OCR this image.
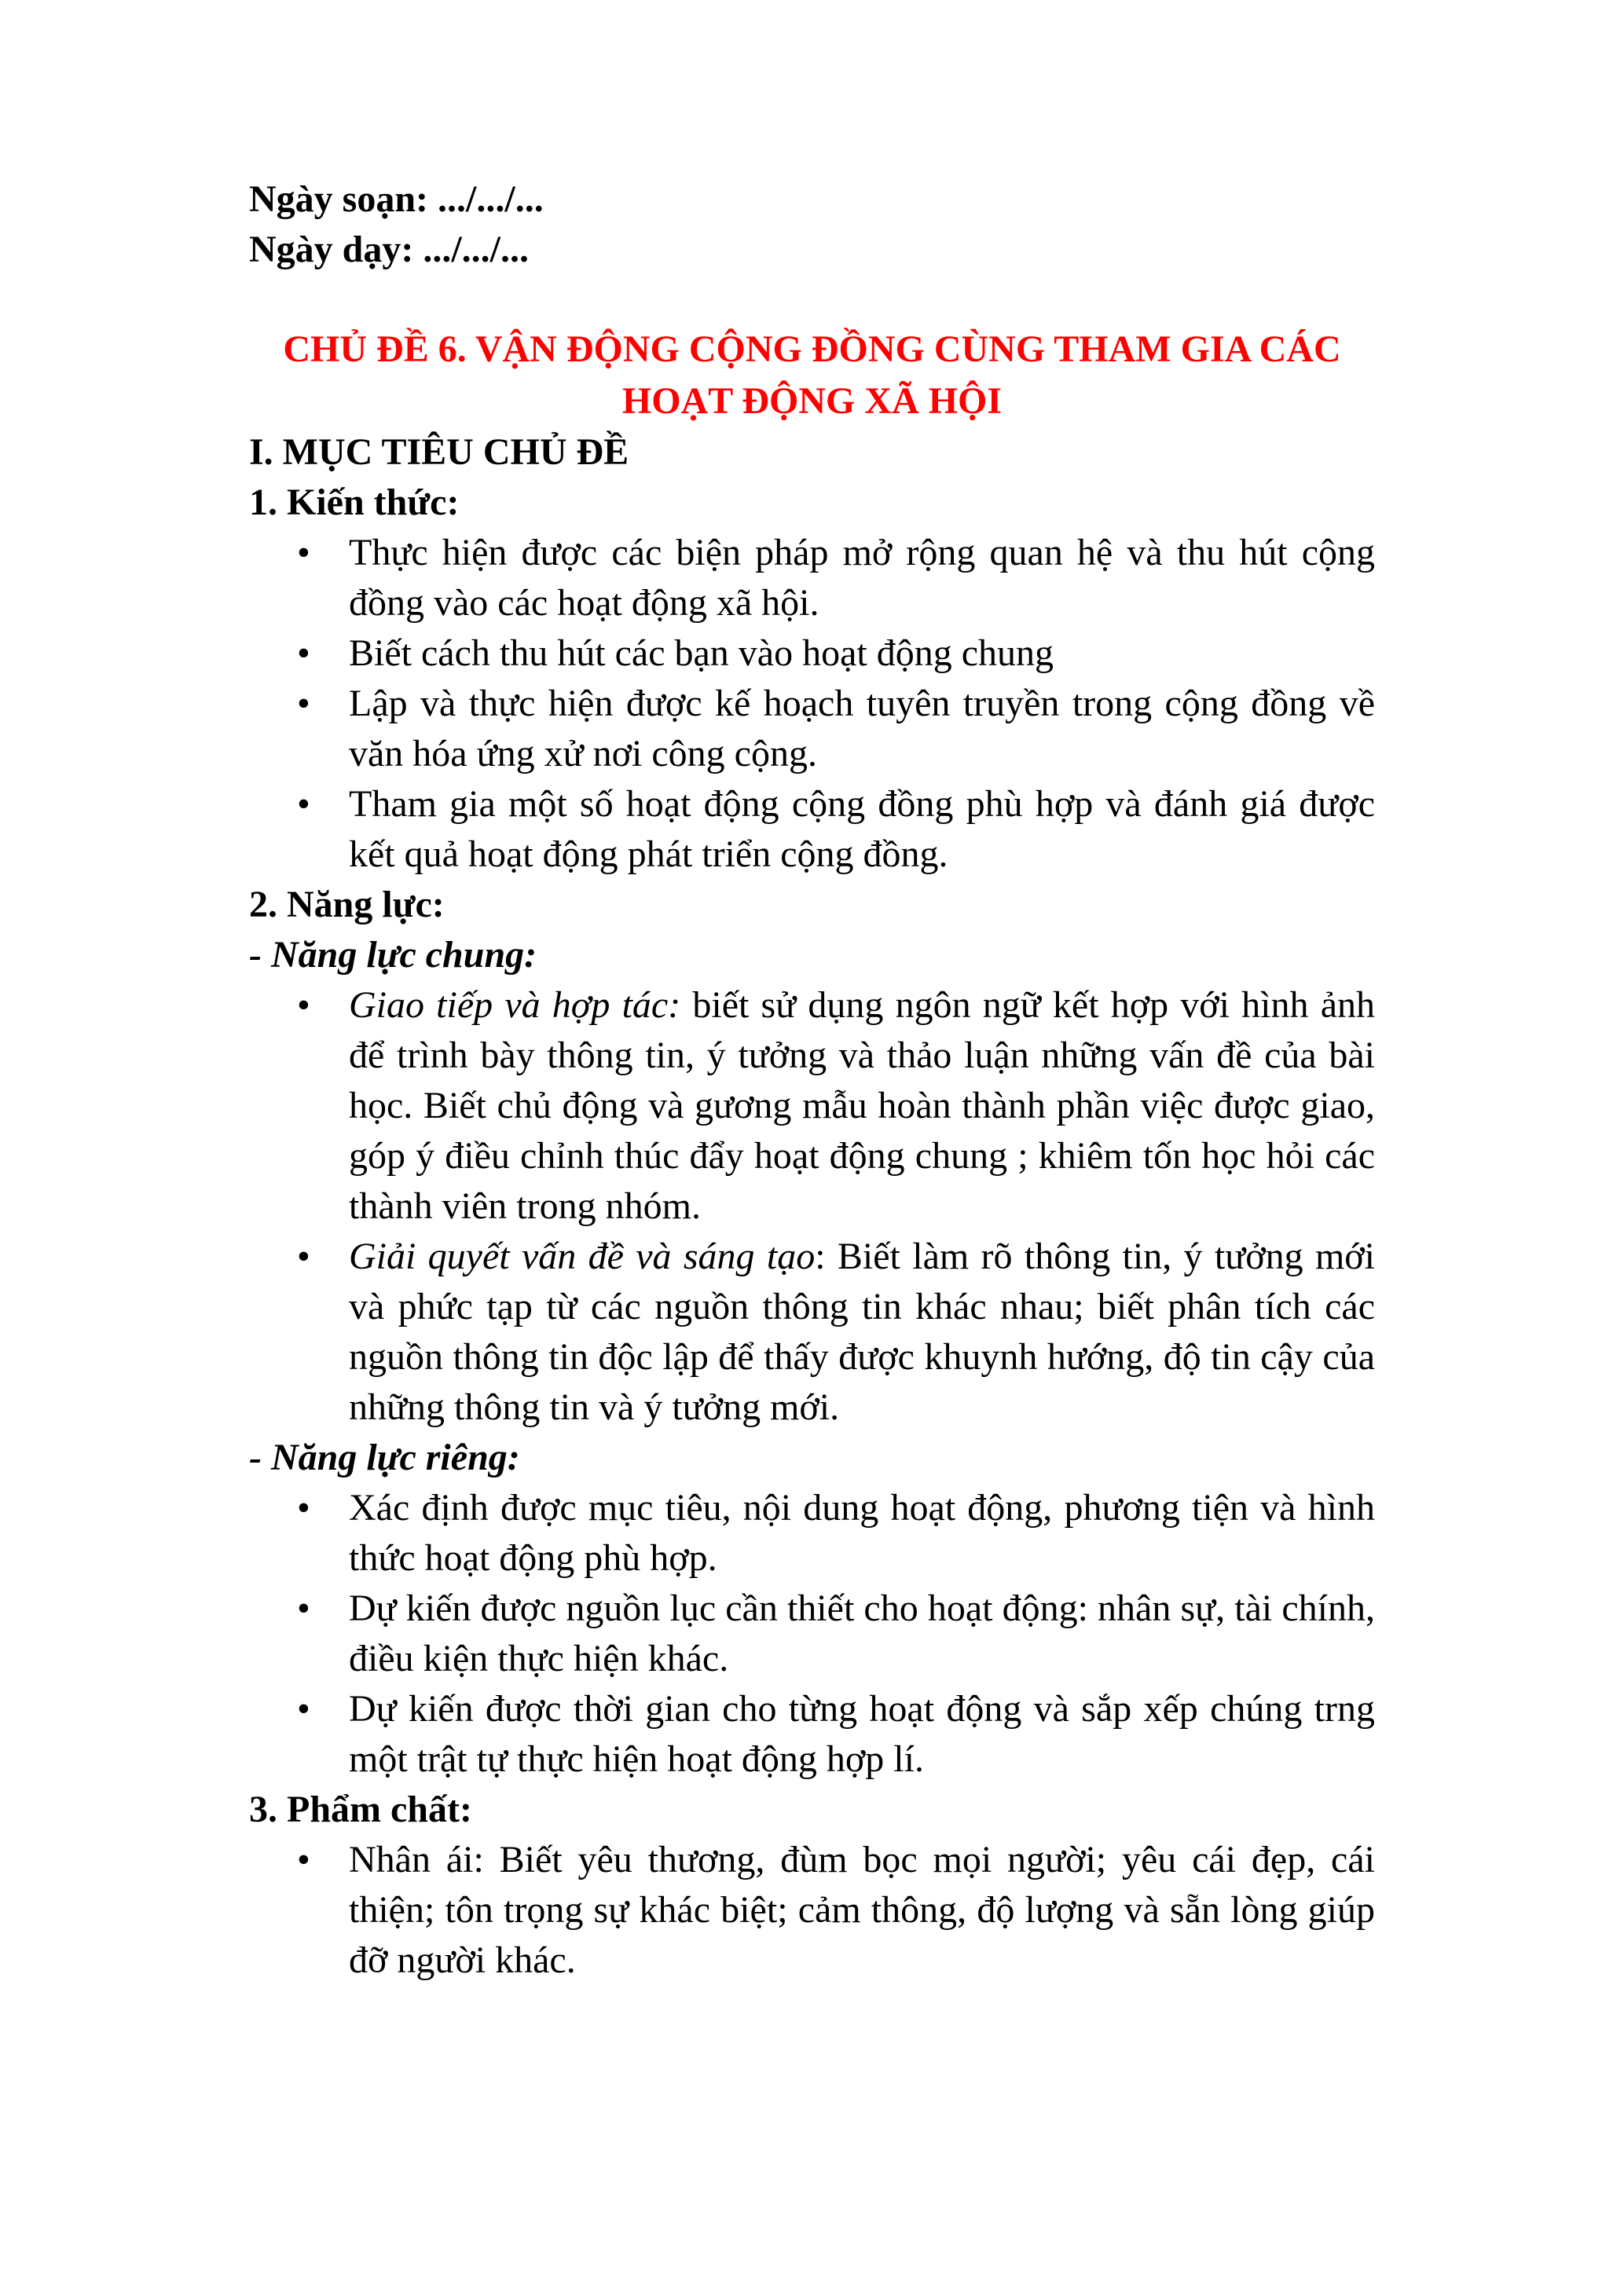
Ngày soạn: .../.../...

Ngày dạy: .../.../...

CHỦ ĐỀ 6. VẬN ĐỘNG CỘNG ĐỒNG CÙNG THAM GIA CÁC
HOẠT ĐỘNG XÃ HỘI

I. MỤC TIÊU CHỦ ĐỀ

1. Kiến thức:

• Thực hiện được các biện pháp mở rộng quan hệ và thu hút cộng đồng vào các hoạt động xã hội.
• Biết cách thu hút các bạn vào hoạt động chung
• Lập và thực hiện được kế hoạch tuyên truyền trong cộng đồng về văn hóa ứng xử nơi công cộng.
• Tham gia một số hoạt động cộng đồng phù hợp và đánh giá được kết quả hoạt động phát triển cộng đồng.

2. Năng lực:

- Năng lực chung:

• Giao tiếp và hợp tác: biết sử dụng ngôn ngữ kết hợp với hình ảnh để trình bày thông tin, ý tưởng và thảo luận những vấn đề của bài học. Biết chủ động và gương mẫu hoàn thành phần việc được giao, góp ý điều chỉnh thúc đẩy hoạt động chung ; khiêm tốn học hỏi các thành viên trong nhóm.
• Giải quyết vấn đề và sáng tạo: Biết làm rõ thông tin, ý tưởng mới và phức tạp từ các nguồn thông tin khác nhau; biết phân tích các nguồn thông tin độc lập để thấy được khuynh hướng, độ tin cậy của những thông tin và ý tưởng mới.

- Năng lực riêng:

• Xác định được mục tiêu, nội dung hoạt động, phương tiện và hình thức hoạt động phù hợp.
• Dự kiến được nguồn lục cần thiết cho hoạt động: nhân sự, tài chính, điều kiện thực hiện khác.
• Dự kiến được thời gian cho từng hoạt động và sắp xếp chúng trng một trật tự thực hiện hoạt động hợp lí.

3. Phẩm chất:

• Nhân ái: Biết yêu thương, đùm bọc mọi người; yêu cái đẹp, cái thiện; tôn trọng sự khác biệt; cảm thông, độ lượng và sẵn lòng giúp đỡ người khác.
